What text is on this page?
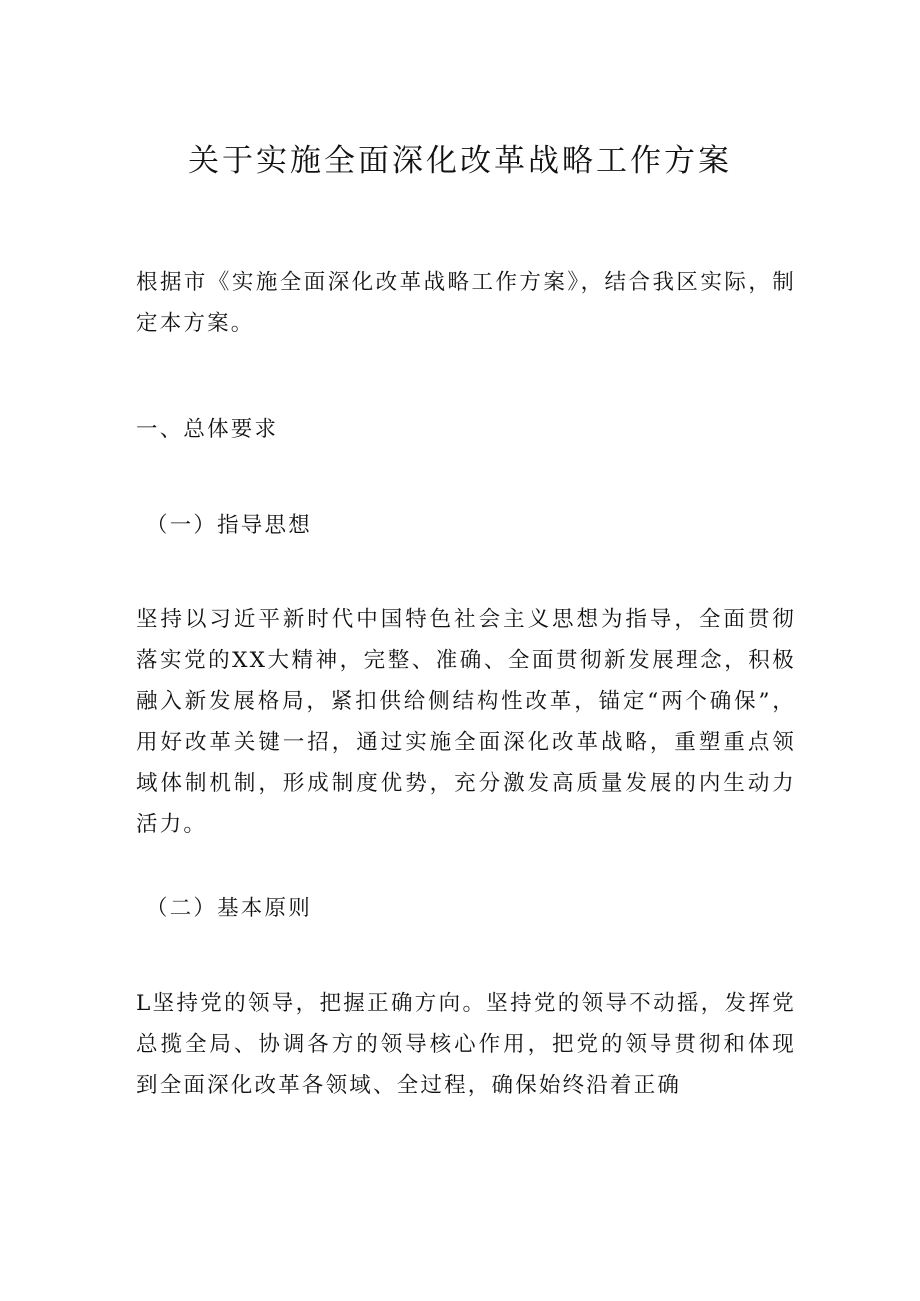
关于实施全面深化改革战略工作方案

根据市《实施全面深化改革战略工作方案》，结合我区实际，制定本方案。

一、总体要求
（一）指导思想

坚持以习近平新时代中国特色社会主义思想为指导，全面贯彻落实党的XX大精神，完整、准确、全面贯彻新发展理念，积极融入新发展格局，紧扣供给侧结构性改革，锚定“两个确保”，用好改革关键一招，通过实施全面深化改革战略，重塑重点领域体制机制，形成制度优势，充分激发高质量发展的内生动力活力。

（二）基本原则

L坚持党的领导，把握正确方向。坚持党的领导不动摇，发挥党总揽全局、协调各方的领导核心作用，把党的领导贯彻和体现到全面深化改革各领域、全过程，确保始终沿着正确
